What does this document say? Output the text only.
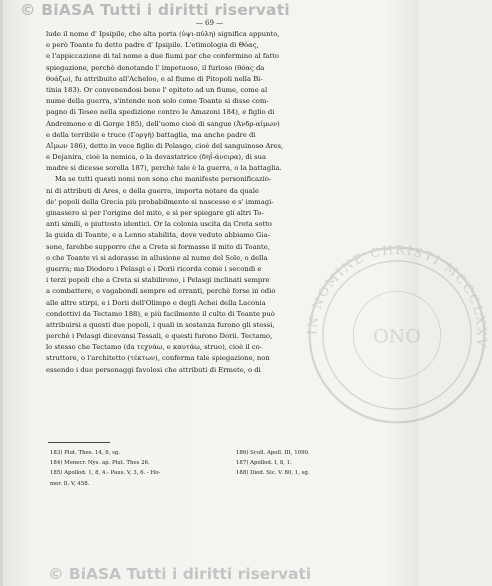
© BiASA Tutti i diritti riservati
IN NOMINE CHRISTI MCCCLXXV
ONO
— 69 —
lude il nome d' Ipsipile, che alta porta (ὑψι-πύλη) significa appunto,
e però Toante fu detto padre d' Ipsipile. L'etimologia di Θόας,
e l'appiccazione di tal nome a due fiumi par che confermino al fatto
spiegazione, perchè denotando l' impetuoso, il furioso (θόας da
θοάζω), fu attribuito all'Acheloo, e al fiume di Pitopoli nella Bi-
tinia 183). Or convenendosi bene l' epiteto ad un fiume, come al
nume della guerra, s'intende non solo come Toante si disse com-
pagno di Teseo nella spedizione contro le Amazoni 184), e figlio di
Andremone e di Gorge 185), dell'uomo cioè di sangue (Ἀνδρ-αίμων)
e della terribile e truce (Γοργή) battaglia, ma anche padre di
Aἵμων 186), detto in vece figlio di Pelasgo, cioè del sanguinoso Ares,
e Dejanira, cioè la nemica, o la devastatrice (δηΐ-άνειρα), di sua
madre si dicesse sorella 187), perchè tale è la guerra, o la battaglia.
Ma se tutti questi nomi non sono che manifeste personificazio-
ni di attributi di Ares, e della guerra, importa notare da quale
de' popoli della Grecia più probabilmente si nascesse e s' immagi-
ginassero sì per l'origine del mito, e sì per spiegare gli altri To-
anti simili, o piuttosto identici. Or la colonia uscita da Creta sotto
la guida di Toante, e a Lenno stabilita, dove veduto abbiamo Gia-
sone, farebbe supporre che a Creta si formasse il mito di Toante,
o che Toante vi si adorasse in allusione al nume del Sole, o della
guerra; ma Diodoro i Pelasgi e i Dorii ricorda come i secondi e
i terzi popoli che a Creta si stabilirono, i Pelasgi inclinati sempre
a combattere, e vagabondi sempre ed erranti, perchè forse in odio
alle altre stirpi, e i Dorii dell'Olimpo e degli Achei della Laconia
condottivi da Tectamo 188), e più facilmente il culto di Toante può
attribuirsi a questi due popoli, i quali in sostanza furono gli stessi,
perchè i Pelasgi dicevansi Tessali, e questi furono Dorii. Tectamo,
lo stesso che Tectamo (da τεχνάω, e καυτάω, struo), cioè il co-
struttore, o l'architetto (τέκτων), conferma tale spiegazione, non
essendo i due personaggi favolosi che attributi di Ermete, o di
183) Plut. Thes. 14, 8, sg.
184) Menecr. Nys. ap. Plut. Thes 26.
185) Apollod. 1, 8, 4.- Paus. V, 3, 6. - Ho-
mer. Il. V, 458.
186) Scoll. Apoll. III, 1090.
187) Apollod. I, 8, 1.
188) Diod. Sic. V. 80, 1, sg.
© BiASA Tutti i diritti riservati
